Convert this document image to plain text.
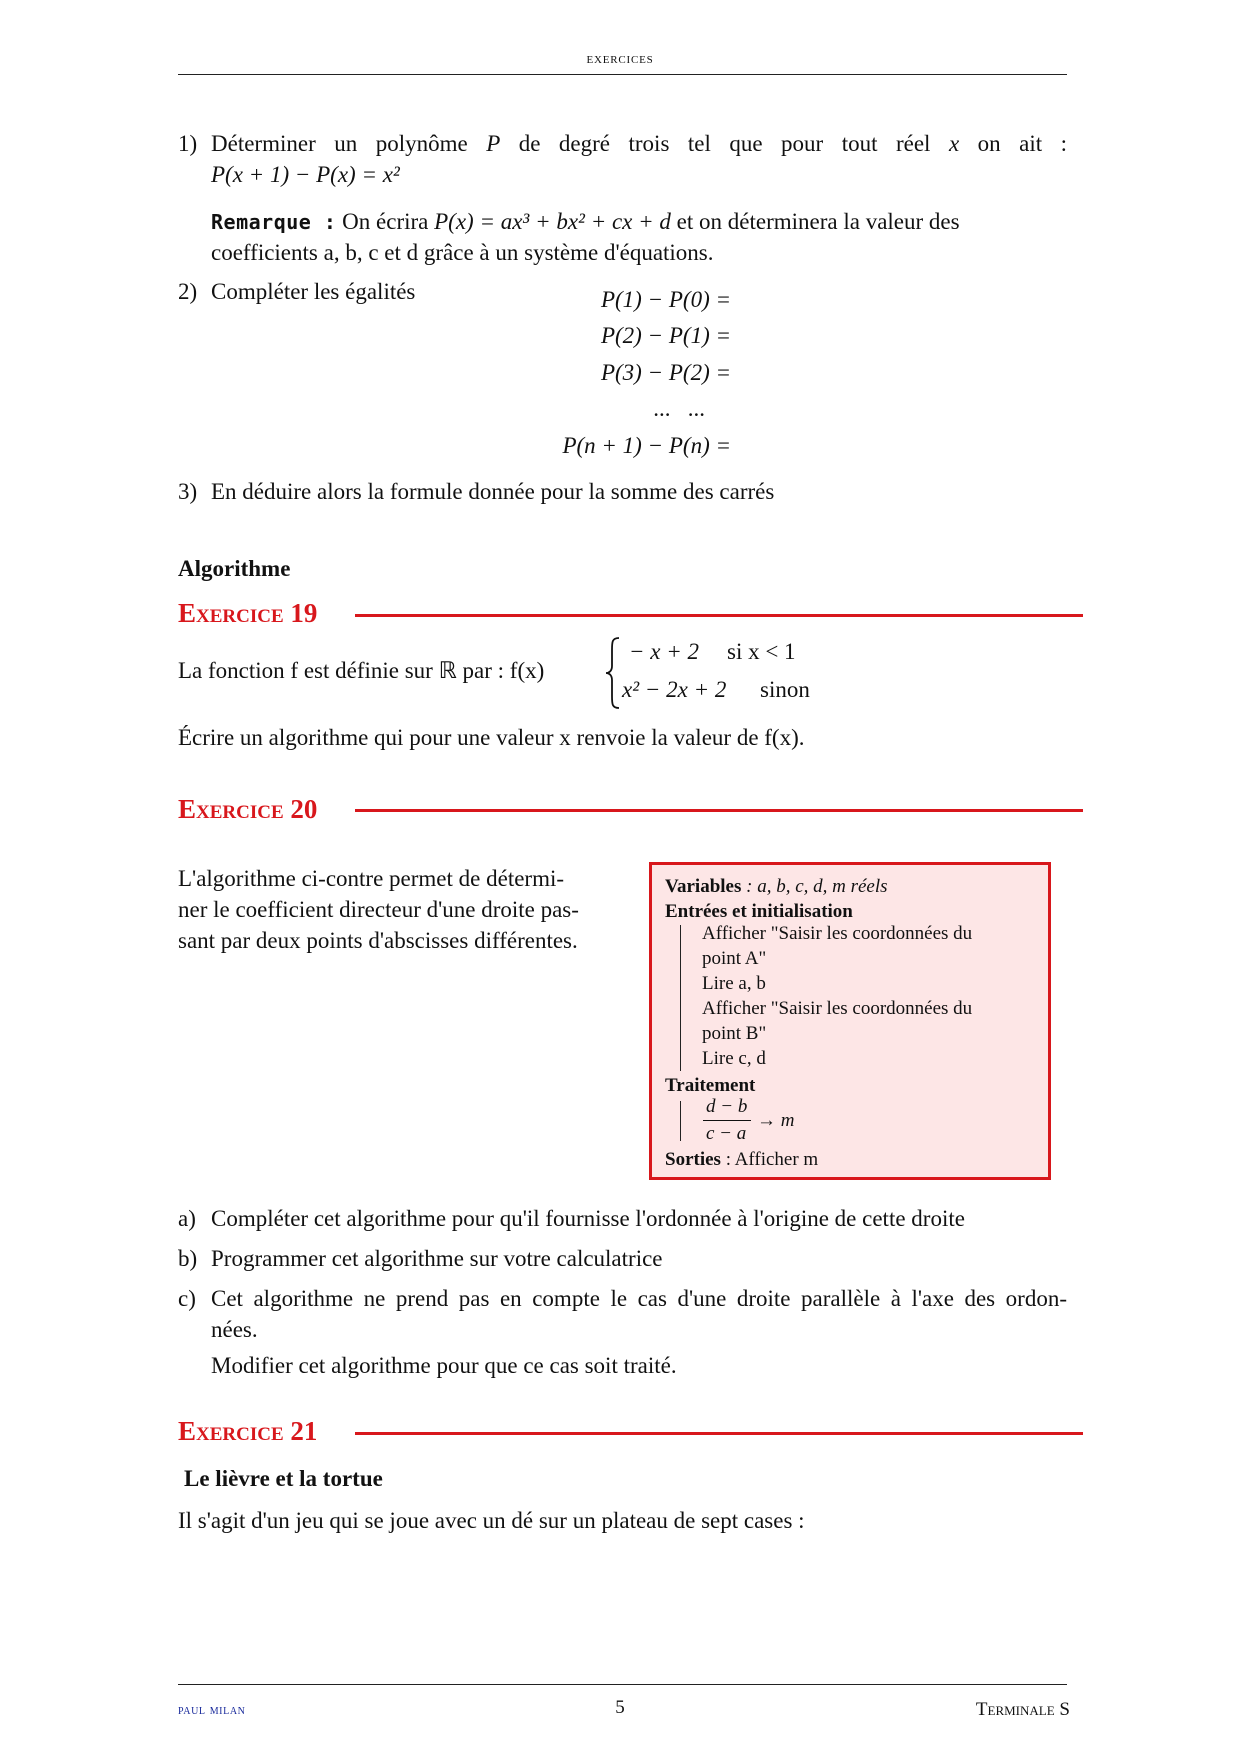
exercices
1) Déterminer un polynôme P de degré trois tel que pour tout réel x on ait :
P(x + 1) − P(x) = x²
Remarque : On écrira P(x) = ax³ + bx² + cx + d et on déterminera la valeur des
coefficients a, b, c et d grâce à un système d'équations.
2) Compléter les égalités	P(1) − P(0) =
P(2) − P(1) =
P(3) − P(2) =
...   ...
P(n + 1) − P(n) =
3) En déduire alors la formule donnée pour la somme des carrés
Algorithme
Exercice 19
La fonction f est définie sur ℝ par : f(x)
− x + 2 si x < 1
x² − 2x + 2 sinon
Écrire un algorithme qui pour une valeur x renvoie la valeur de f(x).
Exercice 20
L'algorithme ci-contre permet de détermi-
ner le coefficient directeur d'une droite pas-
sant par deux points d'abscisses différentes.
Variables : a, b, c, d, m réels
Entrées et initialisation
Afficher "Saisir les coordonnées du
point A"
Lire a, b
Afficher "Saisir les coordonnées du
point B"
Lire c, d
Traitement
d − b
c − a
→ m
Sorties : Afficher m
a) Compléter cet algorithme pour qu'il fournisse l'ordonnée à l'origine de cette droite
b) Programmer cet algorithme sur votre calculatrice
c) Cet algorithme ne prend pas en compte le cas d'une droite parallèle à l'axe des ordon-
nées.
Modifier cet algorithme pour que ce cas soit traité.
Exercice 21
Le lièvre et la tortue
Il s'agit d'un jeu qui se joue avec un dé sur un plateau de sept cases :
paul milan	5	Terminale S
